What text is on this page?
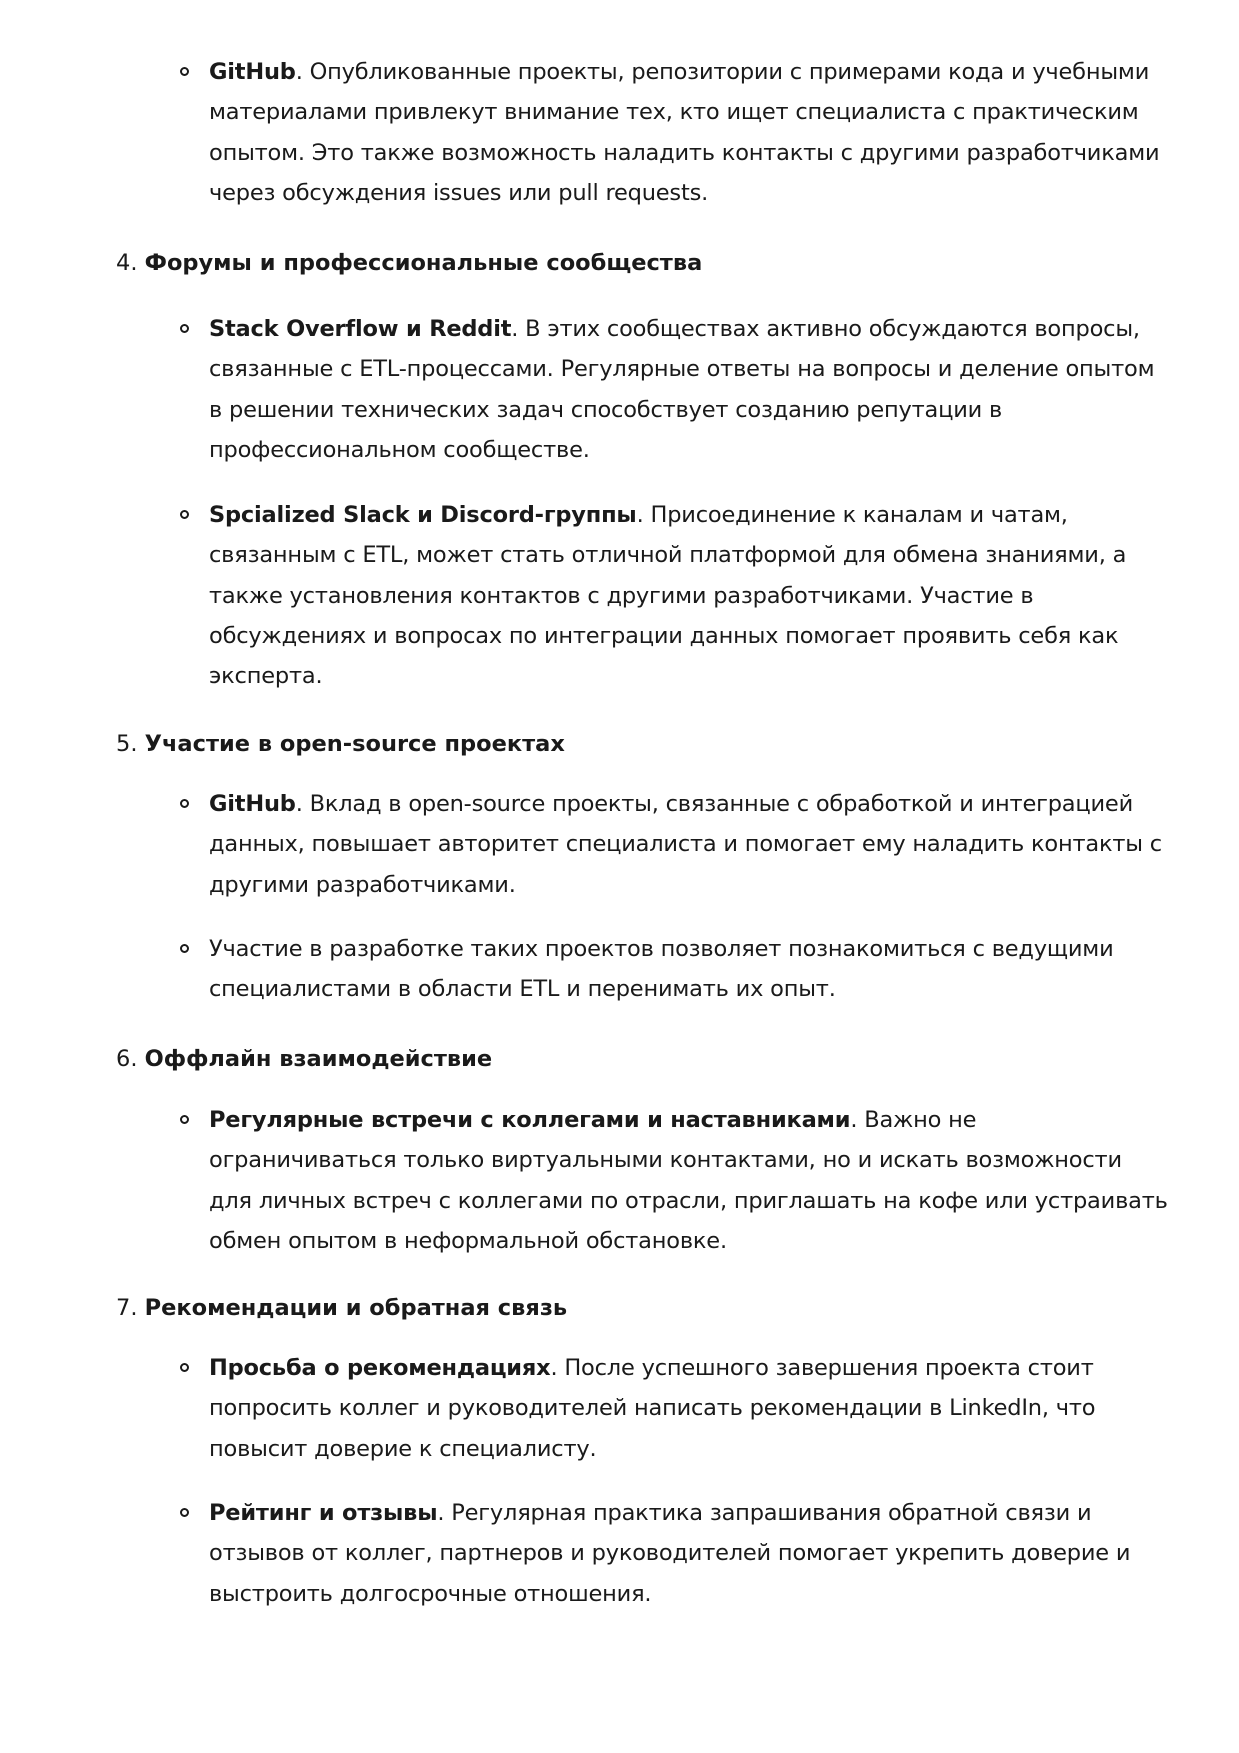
GitHub. Опубликованные проекты, репозитории с примерами кода и учебными материалами привлекут внимание тех, кто ищет специалиста с практическим опытом. Это также возможность наладить контакты с другими разработчиками через обсуждения issues или pull requests.
4. Форумы и профессиональные сообщества
Stack Overflow и Reddit. В этих сообществах активно обсуждаются вопросы, связанные с ETL-процессами. Регулярные ответы на вопросы и деление опытом в решении технических задач способствует созданию репутации в профессиональном сообществе.
Spcialized Slack и Discord-группы. Присоединение к каналам и чатам, связанным с ETL, может стать отличной платформой для обмена знаниями, а также установления контактов с другими разработчиками. Участие в обсуждениях и вопросах по интеграции данных помогает проявить себя как эксперта.
5. Участие в open-source проектах
GitHub. Вклад в open-source проекты, связанные с обработкой и интеграцией данных, повышает авторитет специалиста и помогает ему наладить контакты с другими разработчиками.
Участие в разработке таких проектов позволяет познакомиться с ведущими специалистами в области ETL и перенимать их опыт.
6. Оффлайн взаимодействие
Регулярные встречи с коллегами и наставниками. Важно не ограничиваться только виртуальными контактами, но и искать возможности для личных встреч с коллегами по отрасли, приглашать на кофе или устраивать обмен опытом в неформальной обстановке.
7. Рекомендации и обратная связь
Просьба о рекомендациях. После успешного завершения проекта стоит попросить коллег и руководителей написать рекомендации в LinkedIn, что повысит доверие к специалисту.
Рейтинг и отзывы. Регулярная практика запрашивания обратной связи и отзывов от коллег, партнеров и руководителей помогает укрепить доверие и выстроить долгосрочные отношения.
